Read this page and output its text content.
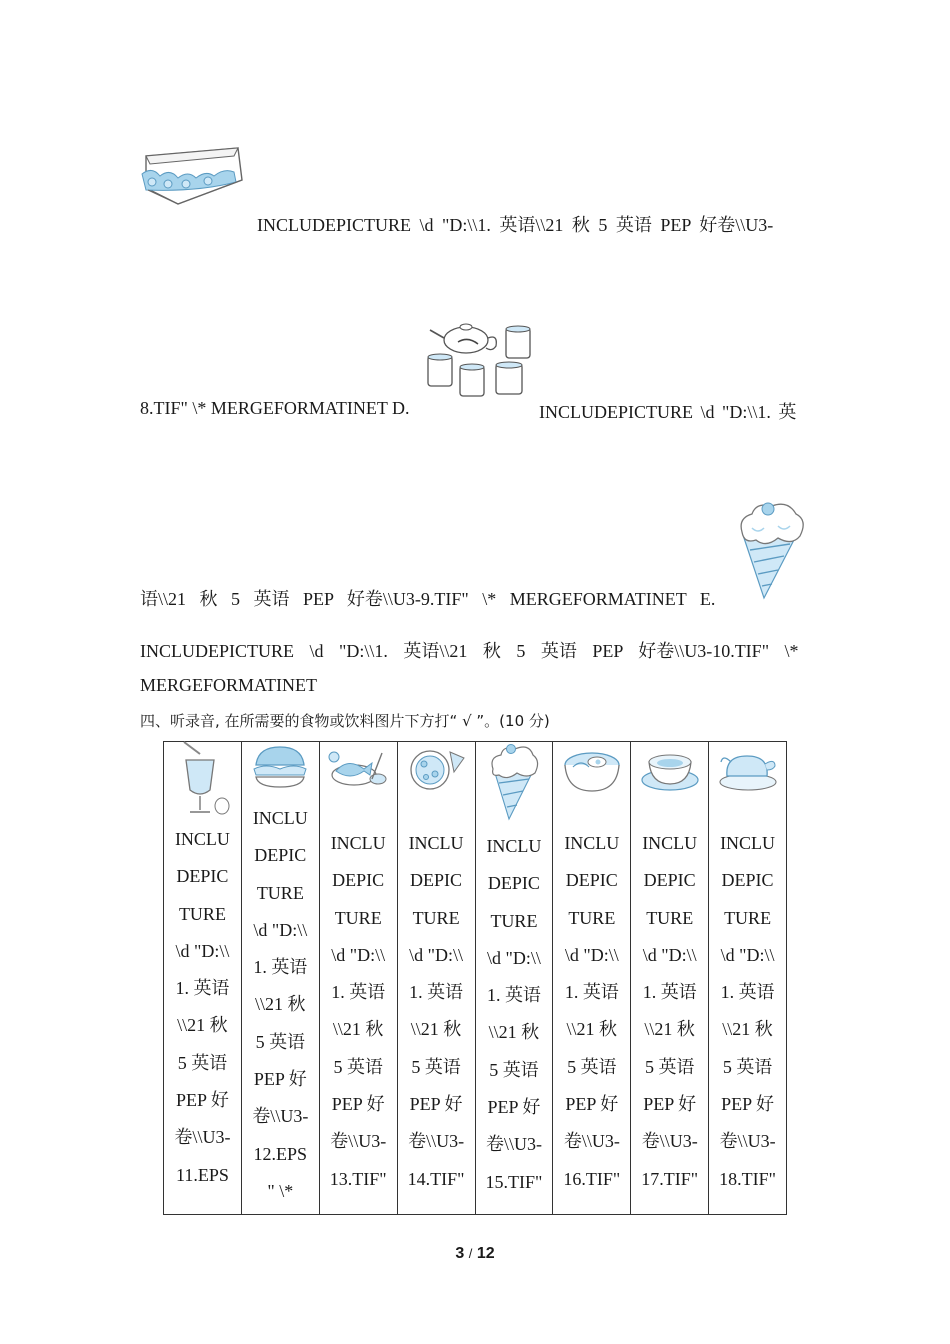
INCLUDEPICTURE \d "D:\\1. 英语\\21 秋 5 英语 PEP 好卷\\U3-
8.TIF" \* MERGEFORMATINET D.	INCLUDEPICTURE \d "D:\\1. 英
语\\21 秋 5 英语 PEP 好卷\\U3-9.TIF" \* MERGEFORMATINET E.
INCLUDEPICTURE \d "D:\\1. 英语\\21 秋 5 英语 PEP 好卷\\U3-10.TIF" \*
MERGEFORMATINET
四、听录音, 在所需要的食物或饮料图片下方打“ √ ”。(10 分)
INCLU
DEPIC
TURE
\d "D:\\
1. 英语
\\21 秋
5 英语
PEP 好
卷\\U3-
11.EPS

INCLU
DEPIC
TURE
\d "D:\\
1. 英语
\\21 秋
5 英语
PEP 好
卷\\U3-
12.EPS
" \*

INCLU
DEPIC
TURE
\d "D:\\
1. 英语
\\21 秋
5 英语
PEP 好
卷\\U3-
13.TIF"

INCLU
DEPIC
TURE
\d "D:\\
1. 英语
\\21 秋
5 英语
PEP 好
卷\\U3-
14.TIF"

INCLU
DEPIC
TURE
\d "D:\\
1. 英语
\\21 秋
5 英语
PEP 好
卷\\U3-
15.TIF"

INCLU
DEPIC
TURE
\d "D:\\
1. 英语
\\21 秋
5 英语
PEP 好
卷\\U3-
16.TIF"

INCLU
DEPIC
TURE
\d "D:\\
1. 英语
\\21 秋
5 英语
PEP 好
卷\\U3-
17.TIF"

INCLU
DEPIC
TURE
\d "D:\\
1. 英语
\\21 秋
5 英语
PEP 好
卷\\U3-
18.TIF"
3 / 12
